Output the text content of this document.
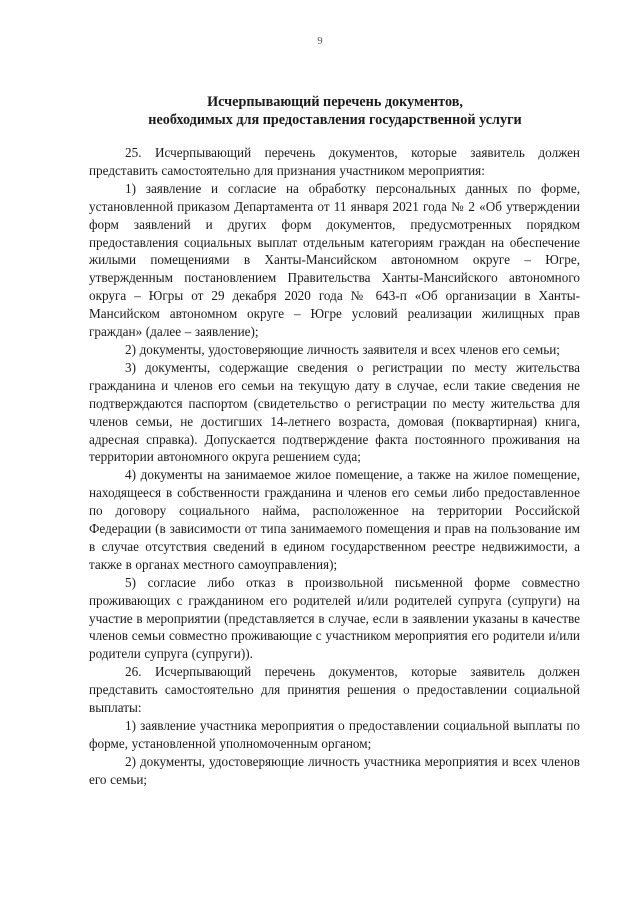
9
Исчерпывающий перечень документов,
необходимых для предоставления государственной услуги

25. Исчерпывающий перечень документов, которые заявитель должен представить самостоятельно для признания участником мероприятия:

1) заявление и согласие на обработку персональных данных по форме, установленной приказом Департамента от 11 января 2021 года № 2 «Об утверждении форм заявлений и других форм документов, предусмотренных порядком предоставления социальных выплат отдельным категориям граждан на обеспечение жилыми помещениями в Ханты-Мансийском автономном округе – Югре, утвержденным постановлением Правительства Ханты-Мансийского автономного округа – Югры от 29 декабря 2020 года № 643-п «Об организации в Ханты-Мансийском автономном округе – Югре условий реализации жилищных прав граждан» (далее – заявление);

2) документы, удостоверяющие личность заявителя и всех членов его семьи;

3) документы, содержащие сведения о регистрации по месту жительства гражданина и членов его семьи на текущую дату в случае, если такие сведения не подтверждаются паспортом (свидетельство о регистрации по месту жительства для членов семьи, не достигших 14-летнего возраста, домовая (поквартирная) книга, адресная справка). Допускается подтверждение факта постоянного проживания на территории автономного округа решением суда;

4) документы на занимаемое жилое помещение, а также на жилое помещение, находящееся в собственности гражданина и членов его семьи либо предоставленное по договору социального найма, расположенное на территории Российской Федерации (в зависимости от типа занимаемого помещения и прав на пользование им в случае отсутствия сведений в едином государственном реестре недвижимости, а также в органах местного самоуправления);

5) согласие либо отказ в произвольной письменной форме совместно проживающих с гражданином его родителей и/или родителей супруга (супруги) на участие в мероприятии (представляется в случае, если в заявлении указаны в качестве членов семьи совместно проживающие с участником мероприятия его родители и/или родители супруга (супруги)).

26. Исчерпывающий перечень документов, которые заявитель должен представить самостоятельно для принятия решения о предоставлении социальной выплаты:

1) заявление участника мероприятия о предоставлении социальной выплаты по форме, установленной уполномоченным органом;

2) документы, удостоверяющие личность участника мероприятия и всех членов его семьи;
